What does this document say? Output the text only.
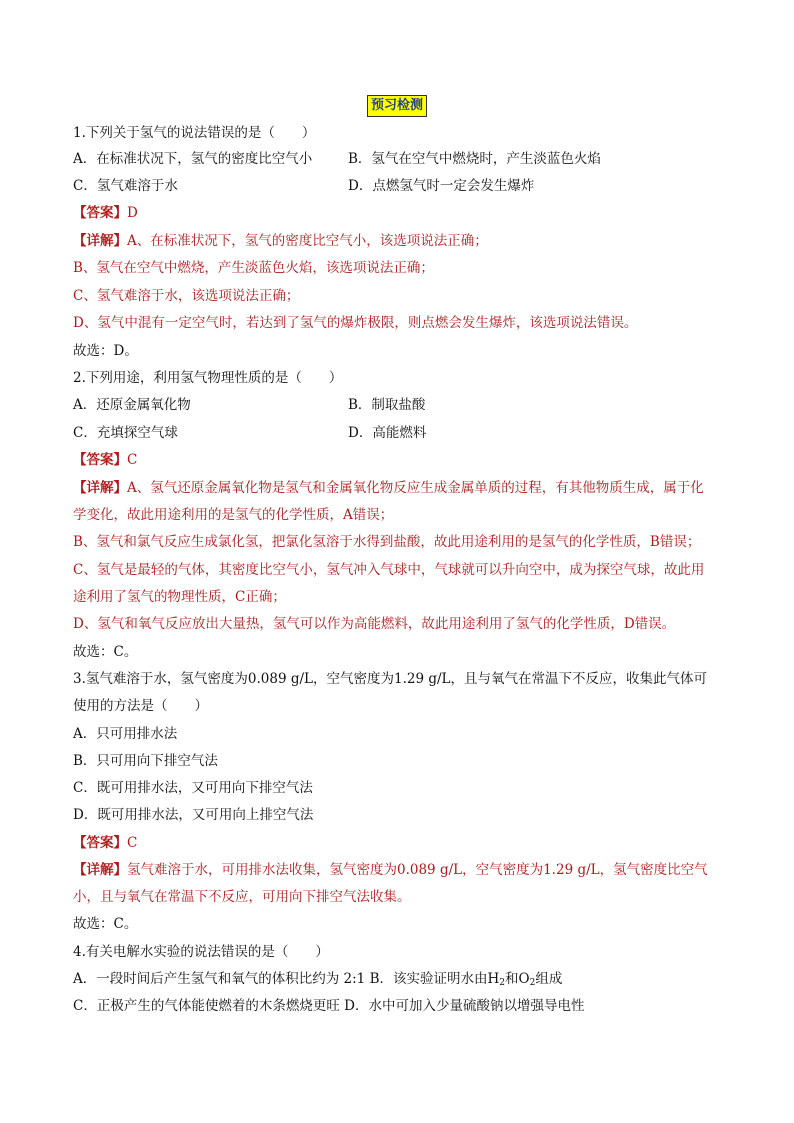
预习检测
1.下列关于氢气的说法错误的是（　　）
A．在标准状况下，氢气的密度比空气小	B．氢气在空气中燃烧时，产生淡蓝色火焰
C．氢气难溶于水	D．点燃氢气时一定会发生爆炸
【答案】D
【详解】A、在标准状况下，氢气的密度比空气小，该选项说法正确；
B、氢气在空气中燃烧，产生淡蓝色火焰，该选项说法正确；
C、氢气难溶于水，该选项说法正确；
D、氢气中混有一定空气时，若达到了氢气的爆炸极限，则点燃会发生爆炸，该选项说法错误。
故选：D。
2.下列用途，利用氢气物理性质的是（　　）
A．还原金属氧化物	B．制取盐酸
C．充填探空气球	D．高能燃料
【答案】C
【详解】A、氢气还原金属氧化物是氢气和金属氧化物反应生成金属单质的过程，有其他物质生成，属于化
学变化，故此用途利用的是氢气的化学性质，A错误；
B、氢气和氯气反应生成氯化氢，把氯化氢溶于水得到盐酸，故此用途利用的是氢气的化学性质，B错误；
C、氢气是最轻的气体，其密度比空气小，氢气冲入气球中，气球就可以升向空中，成为探空气球，故此用
途利用了氢气的物理性质，C正确；
D、氢气和氧气反应放出大量热，氢气可以作为高能燃料，故此用途利用了氢气的化学性质，D错误。
故选：C。
3.氢气难溶于水，氢气密度为0.089 g/L，空气密度为1.29 g/L，且与氧气在常温下不反应，收集此气体可
使用的方法是（　　）
A．只可用排水法
B．只可用向下排空气法
C．既可用排水法，又可用向下排空气法
D．既可用排水法，又可用向上排空气法
【答案】C
【详解】氢气难溶于水，可用排水法收集，氢气密度为0.089 g/L，空气密度为1.29 g/L，氢气密度比空气
小，且与氧气在常温下不反应，可用向下排空气法收集。
故选：C。
4.有关电解水实验的说法错误的是（　　）
A．一段时间后产生氢气和氧气的体积比约为 2:1 B．该实验证明水由$H_2$和$O_2$组成
C．正极产生的气体能使燃着的木条燃烧更旺 D．水中可加入少量硫酸钠以增强导电性
